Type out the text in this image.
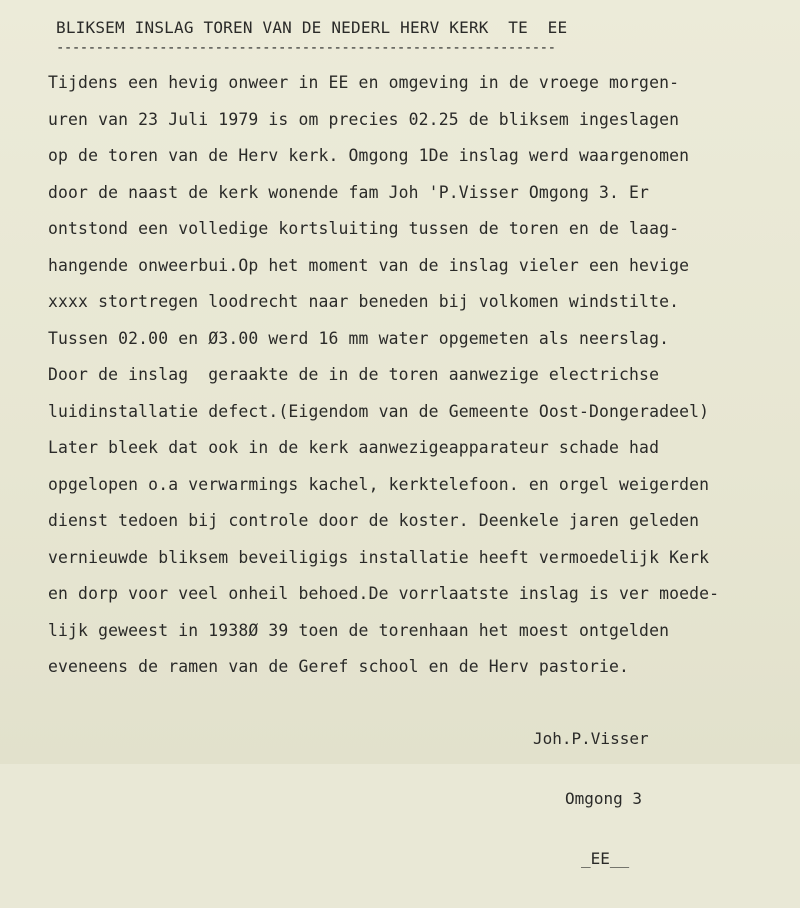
BLIKSEM INSLAG TOREN VAN DE NEDERL HERV KERK  TE  EE
---------------------------------------------------------------
Tijdens een hevig onweer in EE en omgeving in de vroege morgen-
uren van 23 Juli 1979 is om precies 02.25 de bliksem ingeslagen
op de toren van de Herv kerk. Omgong 1De inslag werd waargenomen
door de naast de kerk wonende fam Joh 'P.Visser Omgong 3. Er
ontstond een volledige kortsluiting tussen de toren en de laag-
hangende onweerbui.Op het moment van de inslag vieler een hevige
xxxx stortregen loodrecht naar beneden bij volkomen windstilte.
Tussen 02.00 en Ø3.00 werd 16 mm water opgemeten als neerslag.
Door de inslag  geraakte de in de toren aanwezige electrichse
luidinstallatie defect.(Eigendom van de Gemeente Oost-Dongeradeel)
Later bleek dat ook in de kerk aanwezigeapparateur schade had
opgelopen o.a verwarmings kachel, kerktelefoon. en orgel weigerden
dienst tedoen bij controle door de koster. Deenkele jaren geleden
vernieuwde bliksem beveiligigs installatie heeft vermoedelijk Kerk
en dorp voor veel onheil behoed.De vorrlaatste inslag is ver moede-
lijk geweest in 1938Ø 39 toen de torenhaan het moest ontgelden
eveneens de ramen van de Geref school en de Herv pastorie.

Joh.P.Visser

Omgong 3

_EE__
